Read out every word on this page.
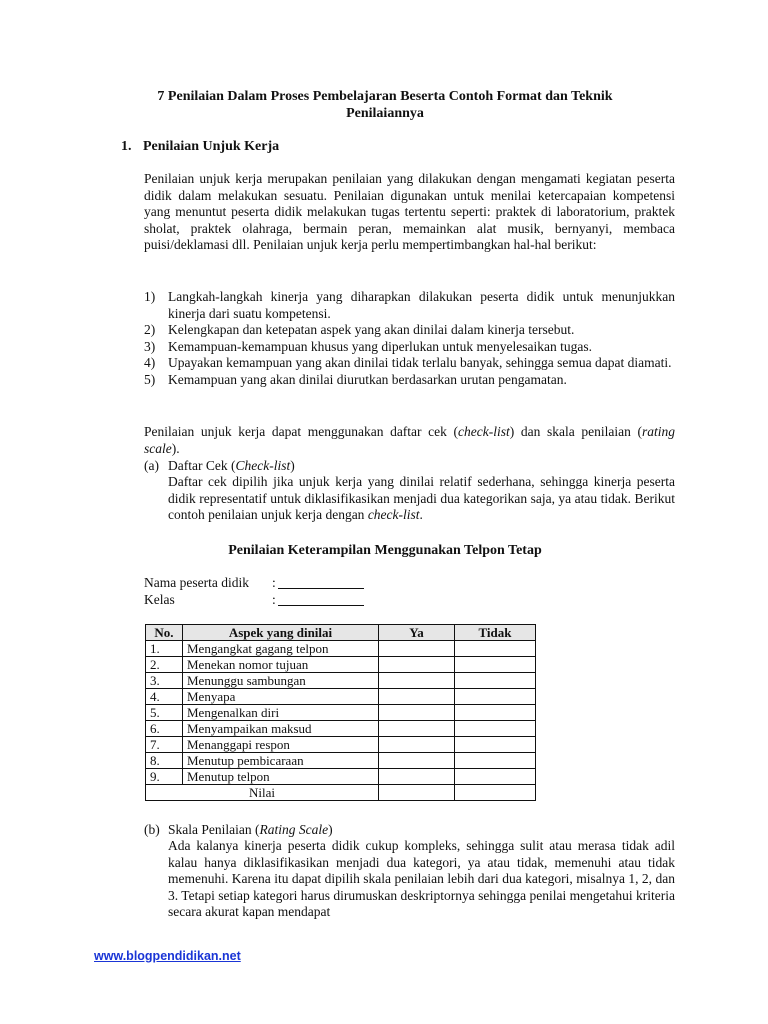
7 Penilaian Dalam Proses Pembelajaran Beserta Contoh Format dan Teknik Penilaiannya
1. Penilaian Unjuk Kerja
Penilaian unjuk kerja merupakan penilaian yang dilakukan dengan mengamati kegiatan peserta didik dalam melakukan sesuatu. Penilaian digunakan untuk menilai ketercapaian kompetensi yang menuntut peserta didik melakukan tugas tertentu seperti: praktek di laboratorium, praktek sholat, praktek olahraga, bermain peran, memainkan alat musik, bernyanyi, membaca puisi/deklamasi dll. Penilaian unjuk kerja perlu mempertimbangkan hal-hal berikut:
1) Langkah-langkah kinerja yang diharapkan dilakukan peserta didik untuk menunjukkan kinerja dari suatu kompetensi.
2) Kelengkapan dan ketepatan aspek yang akan dinilai dalam kinerja tersebut.
3) Kemampuan-kemampuan khusus yang diperlukan untuk menyelesaikan tugas.
4) Upayakan kemampuan yang akan dinilai tidak terlalu banyak, sehingga semua dapat diamati.
5) Kemampuan yang akan dinilai diurutkan berdasarkan urutan pengamatan.
Penilaian unjuk kerja dapat menggunakan daftar cek (check-list) dan skala penilaian (rating scale).
(a) Daftar Cek (Check-list)
Daftar cek dipilih jika unjuk kerja yang dinilai relatif sederhana, sehingga kinerja peserta didik representatif untuk diklasifikasikan menjadi dua kategorikan saja, ya atau tidak. Berikut contoh penilaian unjuk kerja dengan check-list.
Penilaian Keterampilan Menggunakan Telpon Tetap
Nama peserta didik	:
Kelas	:
No.	Aspek yang dinilai	Ya	Tidak
1.	Mengangkat gagang telpon		
2.	Menekan nomor tujuan		
3.	Menunggu sambungan		
4.	Menyapa		
5.	Mengenalkan diri		
6.	Menyampaikan maksud		
7.	Menanggapi respon		
8.	Menutup pembicaraan		
9.	Menutup telpon		
Nilai			
(b) Skala Penilaian (Rating Scale)
Ada kalanya kinerja peserta didik cukup kompleks, sehingga sulit atau merasa tidak adil kalau hanya diklasifikasikan menjadi dua kategori, ya atau tidak, memenuhi atau tidak memenuhi. Karena itu dapat dipilih skala penilaian lebih dari dua kategori, misalnya 1, 2, dan 3. Tetapi setiap kategori harus dirumuskan deskriptornya sehingga penilai mengetahui kriteria secara akurat kapan mendapat
www.blogpendidikan.net
